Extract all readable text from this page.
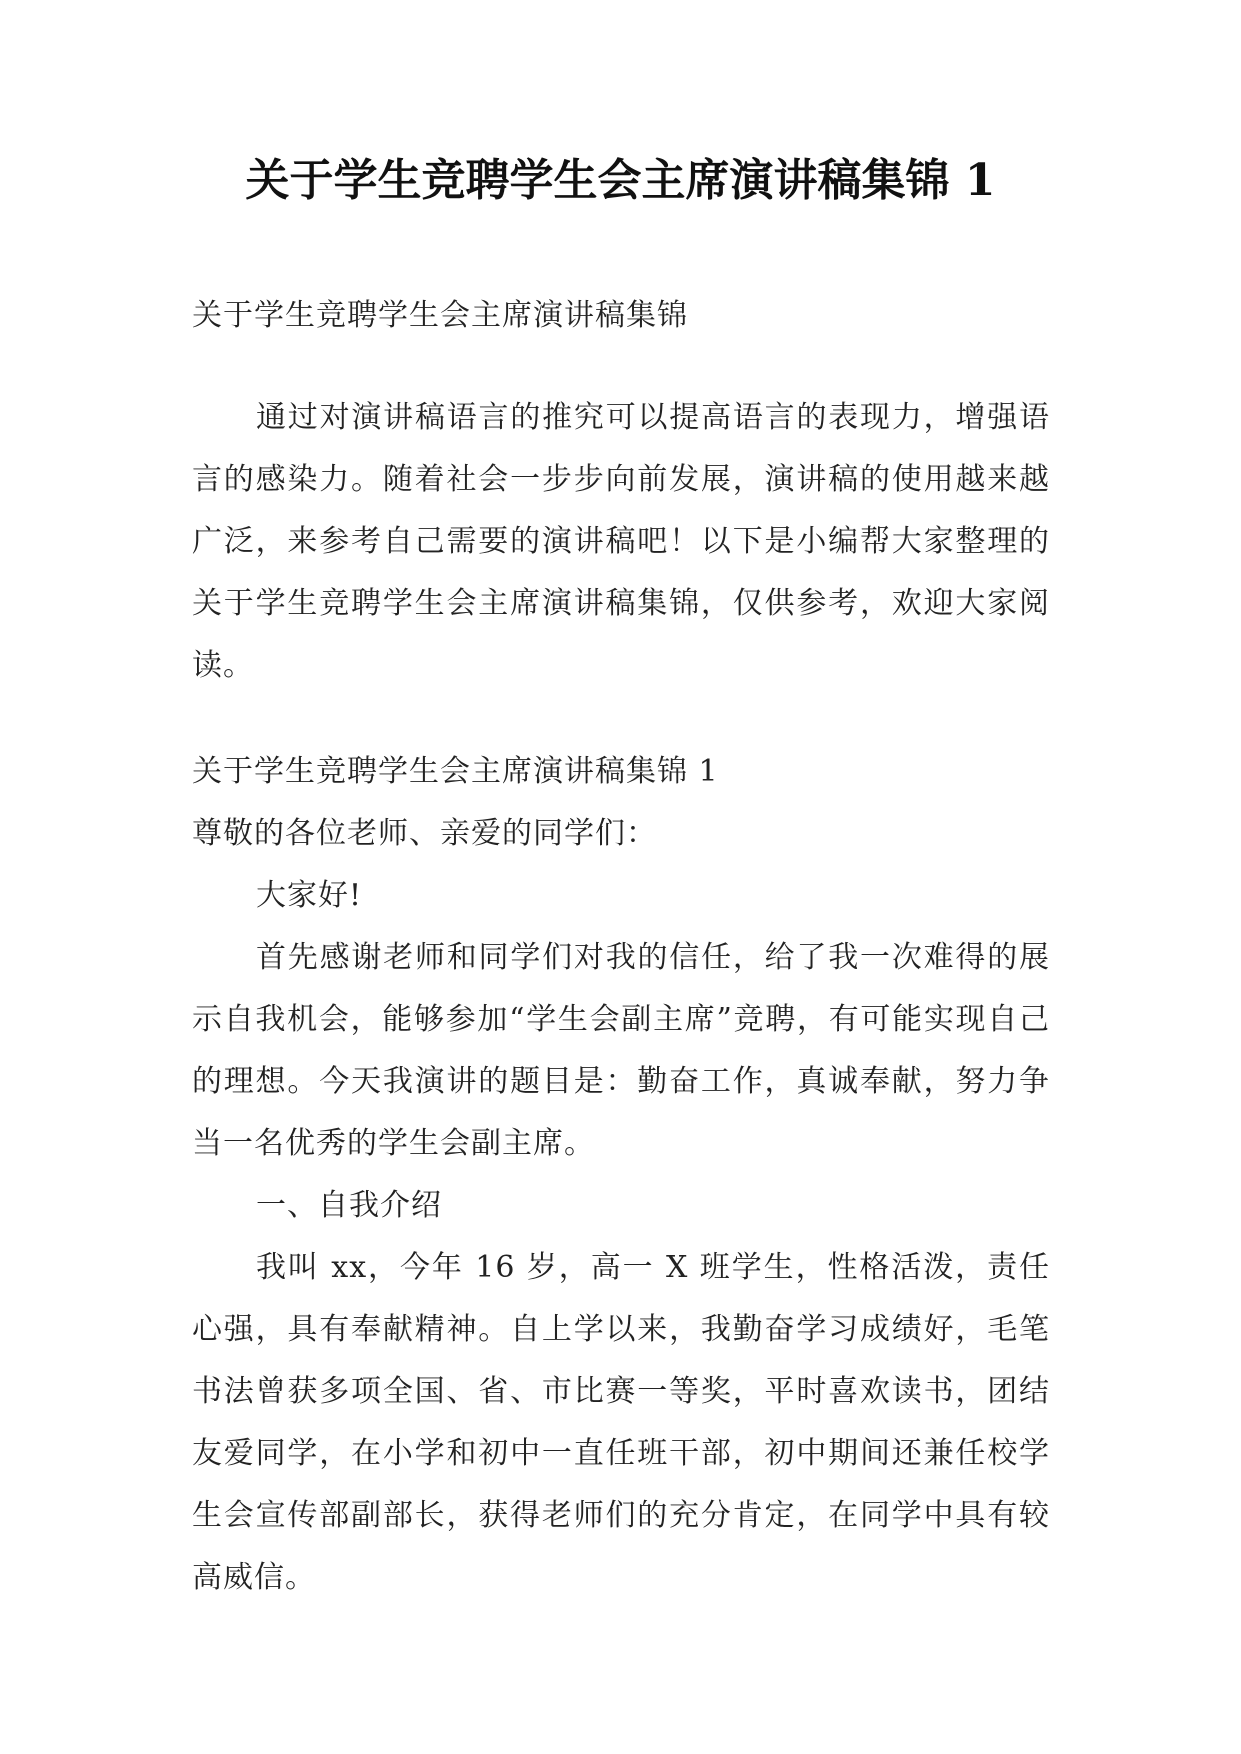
关于学生竞聘学生会主席演讲稿集锦 1

关于学生竞聘学生会主席演讲稿集锦

通过对演讲稿语言的推究可以提高语言的表现力，增强语言的感染力。随着社会一步步向前发展，演讲稿的使用越来越广泛，来参考自己需要的演讲稿吧！以下是小编帮大家整理的关于学生竞聘学生会主席演讲稿集锦，仅供参考，欢迎大家阅读。

关于学生竞聘学生会主席演讲稿集锦 1

尊敬的各位老师、亲爱的同学们：

大家好!

首先感谢老师和同学们对我的信任，给了我一次难得的展示自我机会，能够参加“学生会副主席”竞聘，有可能实现自己的理想。今天我演讲的题目是：勤奋工作，真诚奉献，努力争当一名优秀的学生会副主席。

一、自我介绍

我叫 xx，今年 16 岁，高一 X 班学生，性格活泼，责任心强，具有奉献精神。自上学以来，我勤奋学习成绩好，毛笔书法曾获多项全国、省、市比赛一等奖，平时喜欢读书，团结友爱同学，在小学和初中一直任班干部，初中期间还兼任校学生会宣传部副部长，获得老师们的充分肯定，在同学中具有较高威信。
